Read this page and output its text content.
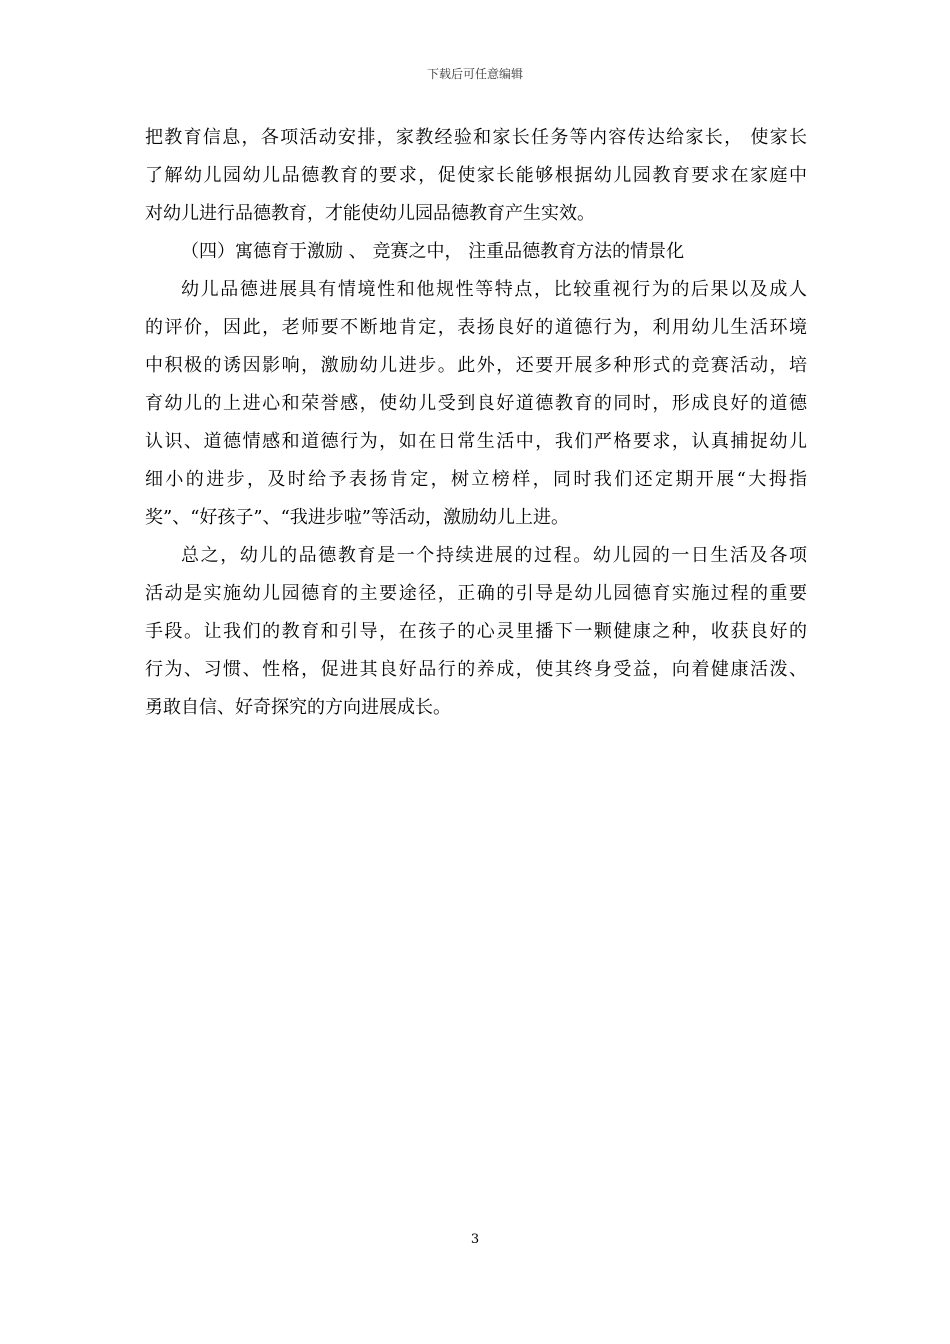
下载后可任意编辑
把教育信息，各项活动安排，家教经验和家长任务等内容传达给家长， 使家长
了解幼儿园幼儿品德教育的要求，促使家长能够根据幼儿园教育要求在家庭中
对幼儿进行品德教育，才能使幼儿园品德教育产生实效。
（四）寓德育于激励 、 竞赛之中， 注重品德教育方法的情景化
幼儿品德进展具有情境性和他规性等特点，比较重视行为的后果以及成人
的评价，因此，老师要不断地肯定，表扬良好的道德行为，利用幼儿生活环境
中积极的诱因影响，激励幼儿进步。此外，还要开展多种形式的竞赛活动，培
育幼儿的上进心和荣誉感，使幼儿受到良好道德教育的同时，形成良好的道德
认识、道德情感和道德行为，如在日常生活中，我们严格要求，认真捕捉幼儿
细小的进步，及时给予表扬肯定，树立榜样，同时我们还定期开展“大拇指
奖”、“好孩子”、“我进步啦”等活动，激励幼儿上进。
总之，幼儿的品德教育是一个持续进展的过程。幼儿园的一日生活及各项
活动是实施幼儿园德育的主要途径，正确的引导是幼儿园德育实施过程的重要
手段。让我们的教育和引导，在孩子的心灵里播下一颗健康之种，收获良好的
行为、习惯、性格，促进其良好品行的养成，使其终身受益，向着健康活泼、
勇敢自信、好奇探究的方向进展成长。
3
